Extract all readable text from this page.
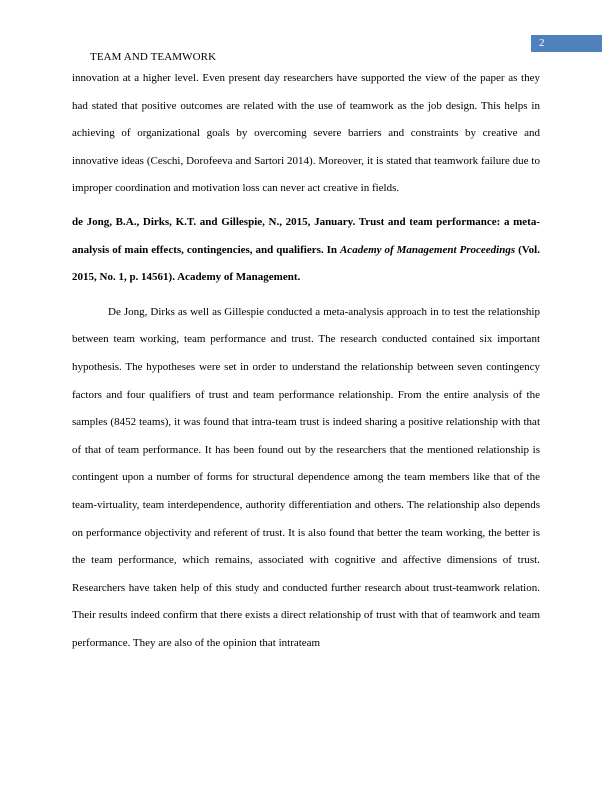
2
TEAM AND TEAMWORK

innovation at a higher level. Even present day researchers have supported the view of the paper as they had stated that positive outcomes are related with the use of teamwork as the job design. This helps in achieving of organizational goals by overcoming severe barriers and constraints by creative and innovative ideas (Ceschi, Dorofeeva and Sartori 2014). Moreover, it is stated that teamwork failure due to improper coordination and motivation loss can never act creative in fields.

de Jong, B.A., Dirks, K.T. and Gillespie, N., 2015, January. Trust and team performance: a meta-analysis of main effects, contingencies, and qualifiers. In Academy of Management Proceedings (Vol. 2015, No. 1, p. 14561). Academy of Management.

De Jong, Dirks as well as Gillespie conducted a meta-analysis approach in to test the relationship between team working, team performance and trust. The research conducted contained six important hypothesis. The hypotheses were set in order to understand the relationship between seven contingency factors and four qualifiers of trust and team performance relationship. From the entire analysis of the samples (8452 teams), it was found that intra-team trust is indeed sharing a positive relationship with that of that of team performance. It has been found out by the researchers that the mentioned relationship is contingent upon a number of forms for structural dependence among the team members like that of the team-virtuality, team interdependence, authority differentiation and others. The relationship also depends on performance objectivity and referent of trust. It is also found that better the team working, the better is the team performance, which remains, associated with cognitive and affective dimensions of trust. Researchers have taken help of this study and conducted further research about trust-teamwork relation. Their results indeed confirm that there exists a direct relationship of trust with that of teamwork and team performance. They are also of the opinion that intrateam
